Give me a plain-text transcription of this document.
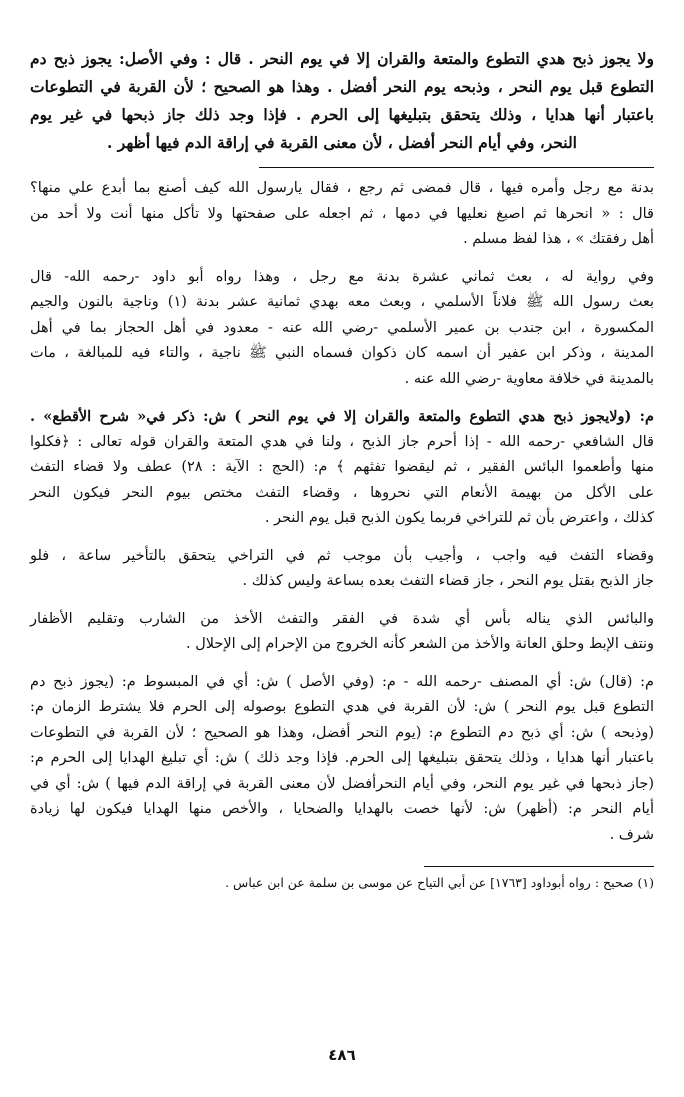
ولا يجوز ذبح هدي التطوع والمتعة والقران إلا في يوم النحر . قال : وفي الأصل: يجوز ذبح دم

التطوع قبل يوم النحر ، وذبحه يوم النحر أفضل . وهذا هو الصحيح ؛ لأن القربة في التطوعات

باعتبار أنها هدايا ، وذلك يتحقق بتبليغها إلى الحرم . فإذا وجد ذلك جاز ذبحها في غير يوم

النحر، وفي أيام النحر أفضل ، لأن معنى القربة في إراقة الدم فيها أظهر .

بدنة مع رجل وأمره فيها ، قال فمضى ثم رجع ، فقال يارسول الله كيف أصنع بما أبدع علي منها؟
قال : « انحرها ثم اصبغ نعليها في دمها ، ثم اجعله على صفحتها ولا تأكل منها أنت ولا أحد من
أهل رفقتك » ، هذا لفظ مسلم .
وفي رواية له ، بعث ثماني عشرة بدنة مع رجل ، وهذا رواه أبو داود -رحمه الله- قال
بعث رسول الله ﷺ فلاناً الأسلمي ، وبعث معه بهدي ثمانية عشر بدنة (١) وناجية بالنون والجيم
المكسورة ، ابن جندب بن عمير الأسلمي -رضي الله عنه - معدود في أهل الحجاز بما في أهل
المدينة ، وذكر ابن عفير أن اسمه كان ذكوان فسماه النبي ﷺ ناجية ، والتاء فيه للمبالغة ، مات
بالمدينة في خلافة معاوية -رضي الله عنه .
م: (ولايجوز ذبح هدي التطوع والمتعة والقران إلا في يوم النحر ) ش: ذكر في« شرح الأقطع» .
قال الشافعي -رحمه الله - إذا أحرم جاز الذبح ، ولنا في هدي المتعة والقران قوله تعالى : ﴿فكلوا
منها وأطعموا البائس الفقير ، ثم ليقضوا تفثهم ﴾ م: (الحج : الآية : ٢٨) عطف ولا قضاء التفث
على الأكل من بهيمة الأنعام التي نحروها ، وقضاء التفث مختص بيوم النحر فيكون النحر
كذلك ، واعترض بأن ثم للتراخي فربما يكون الذبح قبل يوم النحر .
وقضاء التفث فيه واجب ، وأجيب بأن موجب ثم في التراخي يتحقق بالتأخير ساعة ، فلو
جاز الذبح بقتل يوم النحر ، جاز قضاء التفث بعده بساعة وليس كذلك .
والبائس الذي يناله بأس أي شدة في الفقر والتفث الأخذ من الشارب وتقليم الأظفار
ونتف الإبط وحلق العانة والأخذ من الشعر كأنه الخروج من الإحرام إلى الإحلال .
م: (قال) ش: أي المصنف -رحمه الله - م: (وفي الأصل ) ش: أي في المبسوط م: (يجوز ذبح دم
التطوع قبل يوم النحر ) ش: لأن القربة في هدي التطوع بوصوله إلى الحرم فلا يشترط الزمان م:
(وذبحه ) ش: أي ذبح دم التطوع م: (يوم النحر أفضل، وهذا هو الصحيح ؛ لأن القربة في التطوعات
باعتبار أنها هدايا ، وذلك يتحقق بتبليغها إلى الحرم. فإذا وجد ذلك ) ش: أي تبليغ الهدايا إلى الحرم م:
(جاز ذبحها في غير يوم النحر، وفي أيام النحرأفضل لأن معنى القربة في إراقة الدم فيها ) ش: أي في
أيام النحر م: (أظهر) ش: لأنها خصت بالهدايا والضحايا ، والأخص منها الهدايا فيكون لها زيادة
شرف .

(١) صحيح : رواه أبوداود [١٧٦٣] عن أبي التياح عن موسى بن سلمة عن ابن عباس .

٤٨٦
